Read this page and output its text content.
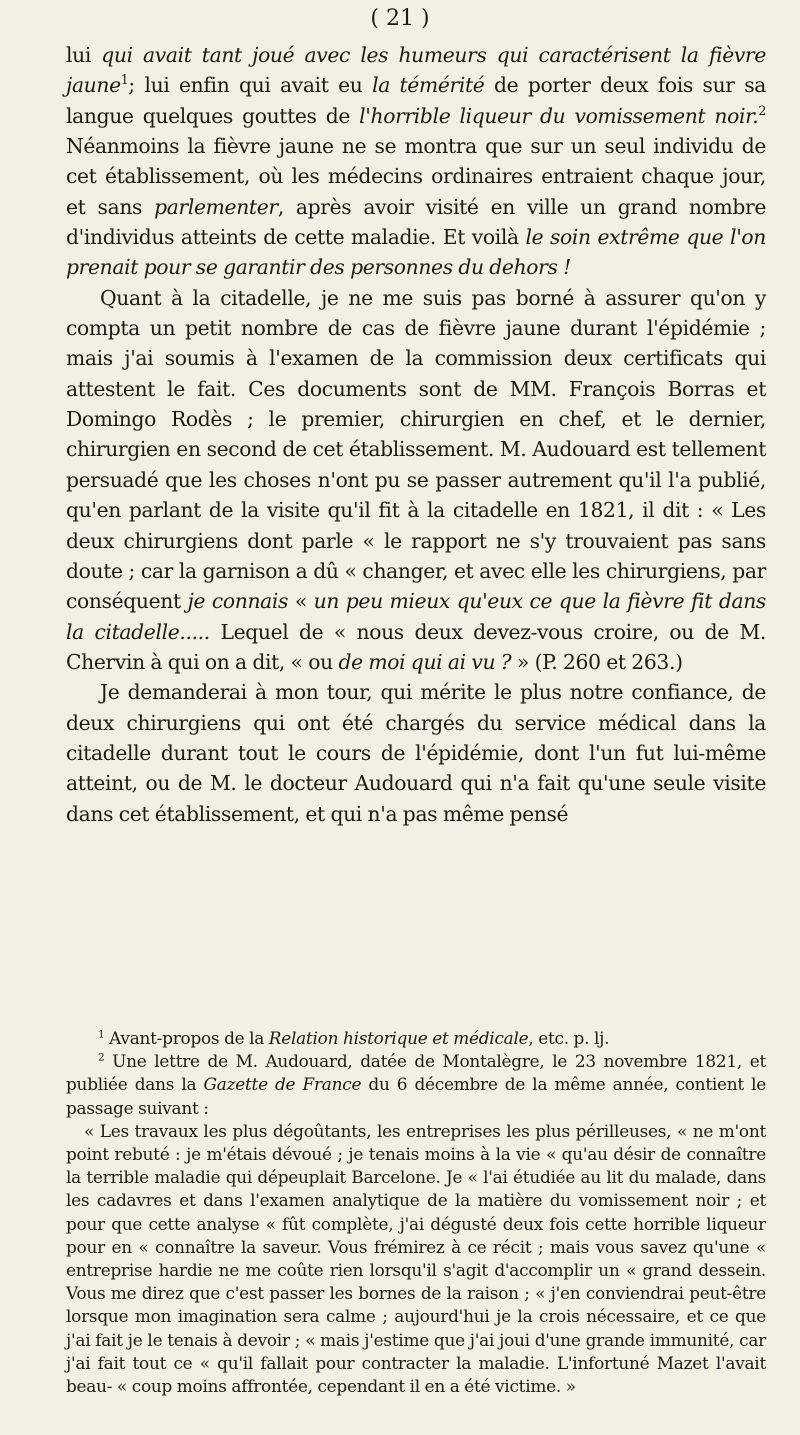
( 21 )

lui qui avait tant joué avec les humeurs qui caractérisent la fièvre jaune$^1$; lui enfin qui avait eu la témérité de porter deux fois sur sa langue quelques gouttes de l'horrible liqueur du vomissement noir.$^2$ Néanmoins la fièvre jaune ne se montra que sur un seul individu de cet établissement, où les médecins ordinaires entraient chaque jour, et sans parlementer, après avoir visité en ville un grand nombre d'individus atteints de cette maladie. Et voilà le soin extrême que l'on prenait pour se garantir des personnes du dehors !

Quant à la citadelle, je ne me suis pas borné à assurer qu'on y compta un petit nombre de cas de fièvre jaune durant l'épidémie ; mais j'ai soumis à l'examen de la commission deux certificats qui attestent le fait. Ces documents sont de MM. François Borras et Domingo Rodès ; le premier, chirurgien en chef, et le dernier, chirurgien en second de cet établissement. M. Audouard est tellement persuadé que les choses n'ont pu se passer autrement qu'il l'a publié, qu'en parlant de la visite qu'il fit à la citadelle en 1821, il dit : « Les deux chirurgiens dont parle « le rapport ne s'y trouvaient pas sans doute ; car la garnison a dû « changer, et avec elle les chirurgiens, par conséquent je connais « un peu mieux qu'eux ce que la fièvre fit dans la citadelle..... Lequel de « nous deux devez-vous croire, ou de M. Chervin à qui on a dit, « ou de moi qui ai vu ? » (P. 260 et 263.)

Je demanderai à mon tour, qui mérite le plus notre confiance, de deux chirurgiens qui ont été chargés du service médical dans la citadelle durant tout le cours de l'épidémie, dont l'un fut lui-même atteint, ou de M. le docteur Audouard qui n'a fait qu'une seule visite dans cet établissement, et qui n'a pas même pensé

$^1$ Avant-propos de la Relation historique et médicale, etc. p. lj.

$^2$ Une lettre de M. Audouard, datée de Montalègre, le 23 novembre 1821, et publiée dans la Gazette de France du 6 décembre de la même année, contient le passage suivant :

« Les travaux les plus dégoûtants, les entreprises les plus périlleuses, « ne m'ont point rebuté : je m'étais dévoué ; je tenais moins à la vie « qu'au désir de connaître la terrible maladie qui dépeuplait Barcelone. Je « l'ai étudiée au lit du malade, dans les cadavres et dans l'examen analytique de la matière du vomissement noir ; et pour que cette analyse « fût complète, j'ai dégusté deux fois cette horrible liqueur pour en « connaître la saveur. Vous frémirez à ce récit ; mais vous savez qu'une « entreprise hardie ne me coûte rien lorsqu'il s'agit d'accomplir un « grand dessein. Vous me direz que c'est passer les bornes de la raison ; « j'en conviendrai peut-être lorsque mon imagination sera calme ; aujourd'hui je la crois nécessaire, et ce que j'ai fait je le tenais à devoir ; « mais j'estime que j'ai joui d'une grande immunité, car j'ai fait tout ce « qu'il fallait pour contracter la maladie. L'infortuné Mazet l'avait beau- « coup moins affrontée, cependant il en a été victime. »
